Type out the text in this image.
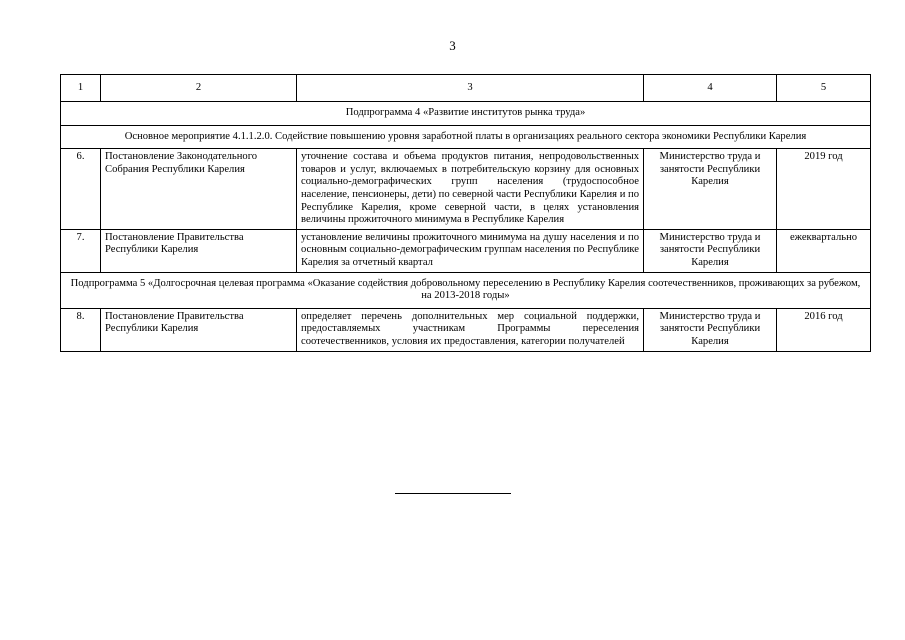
3
1	2	3	4	5
Подпрограмма 4 «Развитие институтов рынка труда»				
Основное мероприятие 4.1.1.2.0. Содействие повышению уровня заработной платы в организациях реального сектора экономики Республики Карелия				
6.	Постановление Законодательного Собрания Республики Карелия	уточнение состава и объема продуктов питания, непродовольственных товаров и услуг, включаемых в потребительскую корзину для основных социально-демографических групп населения (трудоспособное население, пенсионеры, дети) по северной части Республики Карелия и по Республике Карелия, кроме северной части, в целях установления величины прожиточного минимума в Республике Карелия	Министерство труда и занятости Республики Карелия	2019 год
7.	Постановление Правительства Республики Карелия	установление величины прожиточного минимума на душу населения и по основным социально-демографическим группам населения по Республике Карелия за отчетный квартал	Министерство труда и занятости Республики Карелия	ежеквартально
Подпрограмма 5 «Долгосрочная целевая программа «Оказание содействия добровольному переселению в Республику Карелия соотечественников, проживающих за рубежом, на 2013-2018 годы»				
8.	Постановление Правительства Республики Карелия	определяет перечень дополнительных мер социальной поддержки, предоставляемых участникам Программы переселения соотечественников, условия их предоставления, категории получателей	Министерство труда и занятости Республики Карелия	2016 год
